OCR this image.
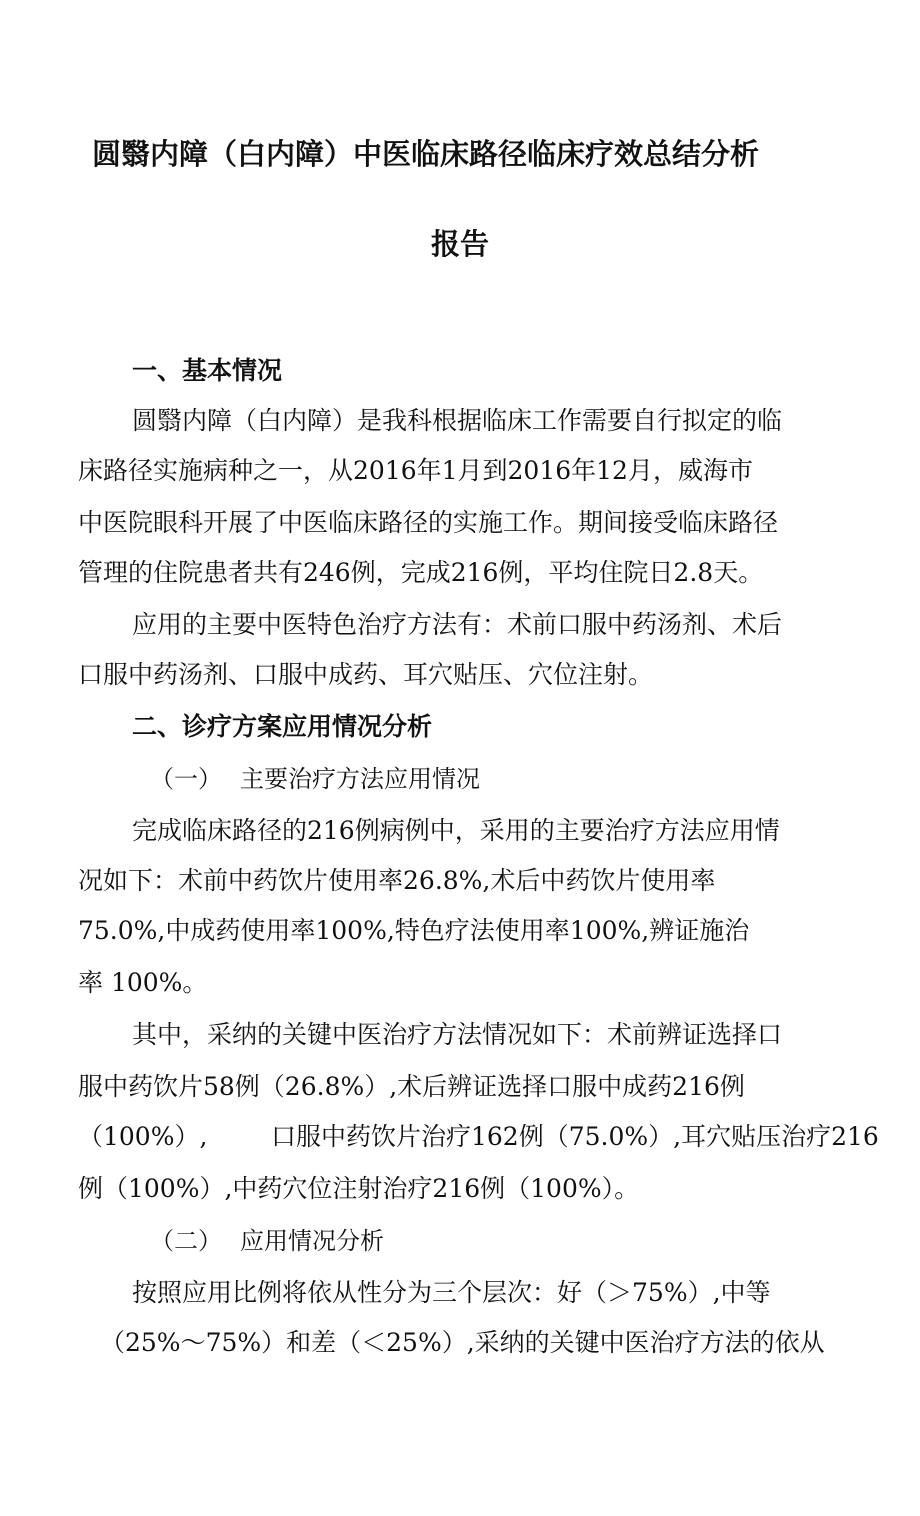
圆翳内障（白内障）中医临床路径临床疗效总结分析
报告
一、基本情况
圆翳内障（白内障）是我科根据临床工作需要自行拟定的临
床路径实施病种之一，从2016年1月到2016年12月，威海市
中医院眼科开展了中医临床路径的实施工作。期间接受临床路径
管理的住院患者共有246例，完成216例，平均住院日2.8天。
应用的主要中医特色治疗方法有：术前口服中药汤剂、术后
口服中药汤剂、口服中成药、耳穴贴压、穴位注射。
二、诊疗方案应用情况分析
（一） 主要治疗方法应用情况
完成临床路径的216例病例中，采用的主要治疗方法应用情
况如下：术前中药饮片使用率26.8%,术后中药饮片使用率
75.0%,中成药使用率100%,特色疗法使用率100%,辨证施治
率 100%。
其中，采纳的关键中医治疗方法情况如下：术前辨证选择口
服中药饮片58例（26.8%）,术后辨证选择口服中成药216例
（100%）,        口服中药饮片治疗162例（75.0%）,耳穴贴压治疗216
例（100%）,中药穴位注射治疗216例（100%）。
（二） 应用情况分析
按照应用比例将依从性分为三个层次：好（＞75%）,中等
（25%～75%）和差（＜25%）,采纳的关键中医治疗方法的依从
